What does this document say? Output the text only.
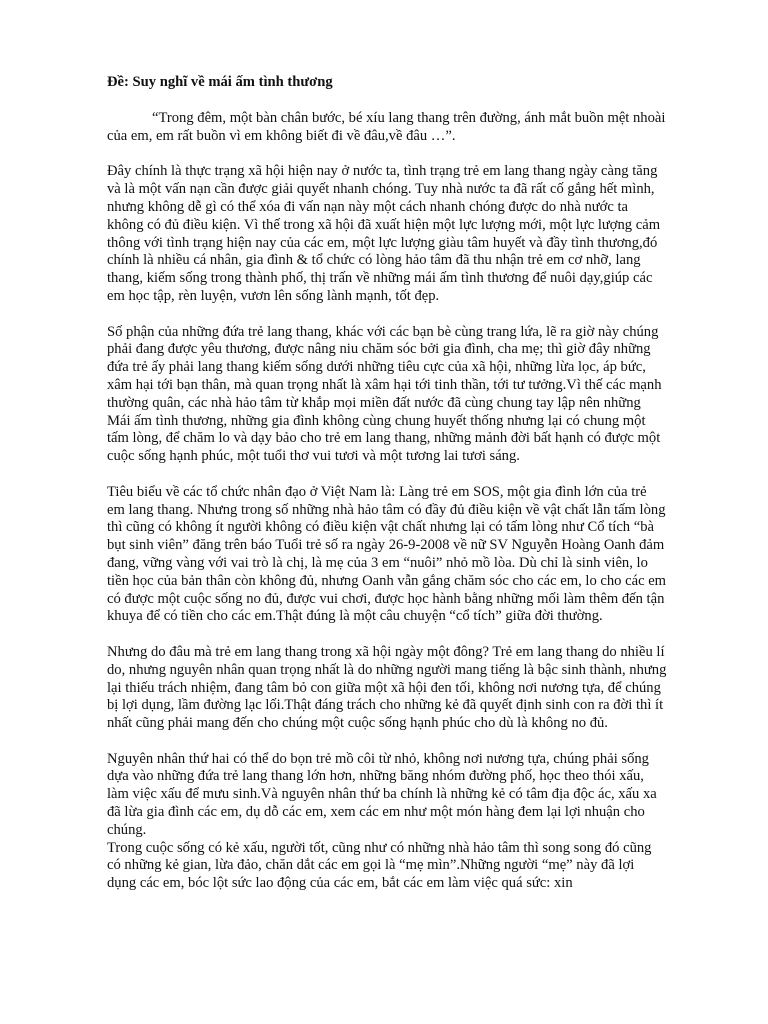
Đề: Suy nghĩ về mái ấm tình thương
“Trong đêm, một bàn chân bước, bé xíu lang thang trên đường, ánh mắt buồn mệt nhoài của em, em rất buồn vì em không biết đi về đâu,về đâu …”.

Đây chính là thực trạng xã hội hiện nay ở nước ta, tình trạng trẻ em lang thang ngày càng tăng và là một vấn nạn cần được giải quyết nhanh chóng. Tuy nhà nước ta đã rất cố gắng hết mình, nhưng không dễ gì có thể xóa đi vấn nạn này một cách nhanh chóng được do nhà nước ta không có đủ điều kiện. Vì thế trong xã hội đã xuất hiện một lực lượng mới, một lực lượng cảm thông với tình trạng hiện nay của các em, một lực lượng giàu tâm huyết và đầy tình thương,đó chính là nhiều cá nhân, gia đình & tổ chức có lòng hảo tâm đã thu nhận trẻ em cơ nhỡ, lang thang, kiếm sống trong thành phố, thị trấn về những mái ấm tình thương để nuôi dạy,giúp các em học tập, rèn luyện, vươn lên sống lành mạnh, tốt đẹp.

Số phận của những đứa trẻ lang thang, khác với các bạn bè cùng trang lứa, lẽ ra giờ này chúng phải đang được yêu thương, được nâng niu chăm sóc bởi gia đình, cha mẹ; thì giờ đây những đứa trẻ ấy phải lang thang kiếm sống dưới những tiêu cực của xã hội, những lừa lọc, áp bức, xâm hại tới bạn thân, mà quan trọng nhất là xâm hại tới tinh thần, tới tư tưởng.Vì thế các mạnh thường quân, các nhà hảo tâm từ khắp mọi miền đất nước đã cùng chung tay lập nên những Mái ấm tình thương, những gia đình không cùng chung huyết thống nhưng lại có chung một tấm lòng, để chăm lo và dạy bảo cho trẻ em lang thang, những mảnh đời bất hạnh có được một cuộc sống hạnh phúc, một tuổi thơ vui tươi và một tương lai tươi sáng.

Tiêu biểu về các tổ chức nhân đạo ở Việt Nam là: Làng trẻ em SOS, một gia đình lớn của trẻ em lang thang. Nhưng trong số những nhà hảo tâm có đầy đủ điều kiện về vật chất lẫn tấm lòng thì cũng có không ít người không có điều kiện vật chất nhưng lại có tấm lòng như Cổ tích “bà bụt sinh viên” đăng trên báo Tuổi trẻ số ra ngày 26-9-2008 về nữ SV Nguyễn Hoàng Oanh đảm đang, vững vàng với vai trò là chị, là mẹ của 3 em “nuôi” nhỏ mồ lòa. Dù chỉ là sinh viên, lo tiền học của bản thân còn không đủ, nhưng Oanh vẫn gắng chăm sóc cho các em, lo cho các em có được một cuộc sống no đủ, được vui chơi, được học hành bằng những mối làm thêm đến tận khuya để có tiền cho các em.Thật đúng là một câu chuyện “cổ tích” giữa đời thường.

Nhưng do đâu mà trẻ em lang thang trong xã hội ngày một đông? Trẻ em lang thang do nhiều lí do, nhưng nguyên nhân quan trọng nhất là do những người mang tiếng là bậc sinh thành, nhưng lại thiếu trách nhiệm, đang tâm bỏ con giữa một xã hội đen tối, không nơi nương tựa, để chúng bị lợi dụng, lầm đường lạc lối.Thật đáng trách cho những kẻ đã quyết định sinh con ra đời thì ít nhất cũng phải mang đến cho chúng một cuộc sống hạnh phúc cho dù là không no đủ.

Nguyên nhân thứ hai có thể do bọn trẻ mồ côi từ nhỏ, không nơi nương tựa, chúng phải sống dựa vào những đứa trẻ lang thang lớn hơn, những băng nhóm đường phố, học theo thói xấu, làm việc xấu để mưu sinh.Và nguyên nhân thứ ba chính là những kẻ có tâm địa độc ác, xấu xa đã lừa gia đình các em, dụ dỗ các em, xem các em như một món hàng đem lại lợi nhuận cho chúng.

Trong cuộc sống có kẻ xấu, người tốt, cũng như có những nhà hảo tâm thì song song đó cũng có những kẻ gian, lừa đảo, chăn dắt các em gọi là “mẹ mìn”.Những người “mẹ” này đã lợi dụng các em, bóc lột sức lao động của các em, bắt các em làm việc quá sức: xin
